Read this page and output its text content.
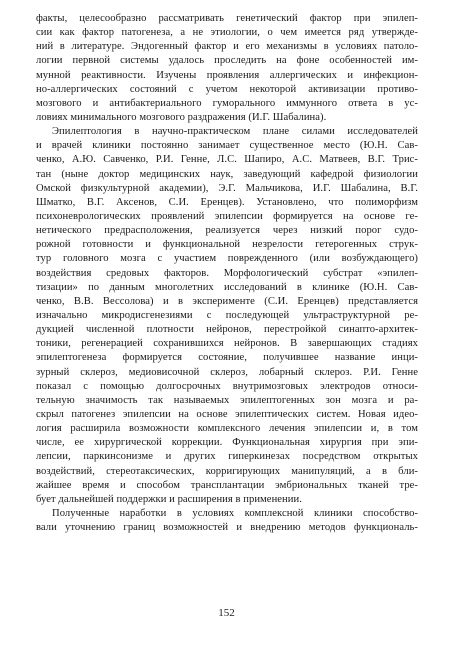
факты, целесообразно рассматривать генетический фактор при эпилеп-
сии как фактор патогенеза, а не этиологии, о чем имеется ряд утвержде-
ний в литературе. Эндогенный фактор и его механизмы в условиях патоло-
логии первной системы удалось проследить на фоне особенностей им-
мунной реактивности. Изучены проявления аллергических и инфекцион-
но-аллергических состояний с учетом некоторой активизации противо-
мозгового и антибактериального гуморального иммунного ответа в ус-
ловиях минимального мозгового раздражения (И.Г. Шабалина).
Эпилептология в научно-практическом плане силами исследователей
и врачей клиники постоянно занимает существенное место (Ю.Н. Сав-
ченко, А.Ю. Савченко, Р.И. Генне, Л.С. Шапиро, А.С. Матвеев, В.Г. Трис-
тан (ныне доктор медицинских наук, заведующий кафедрой физиологии
Омской физкультурной академии), Э.Г. Мальчикова, И.Г. Шабалина, В.Г.
Шматко, В.Г. Аксенов, С.И. Еренцев). Установлено, что полиморфизм
психоневрологических проявлений эпилепсии формируется на основе ге-
нетического предрасположения, реализуется через низкий порог судо-
рожной готовности и функциональной незрелости гетерогенных струк-
тур головного мозга с участием поврежденного (или возбуждающего)
воздействия средовых факторов. Морфологический субстрат «эпилеп-
тизации» по данным многолетних исследований в клинике (Ю.Н. Сав-
ченко, В.В. Вессолова) и в эксперименте (С.И. Еренцев) представляется
изначально микродисгенезиями с последующей ультраструктурной ре-
дукцией численной плотности нейронов, перестройкой синапто-архитек-
тоники, регенерацией сохранившихся нейронов. В завершающих стадиях
эпилептогенеза формируется состояние, получившее название инци-
зурный склероз, медиовисочной склероз, лобарный склероз. Р.И. Генне
показал с помощью долгосрочных внутримозговых электродов относи-
тельную значимость так называемых эпилептогенных зон мозга и ра-
скрыл патогенез эпилепсии на основе эпилептических систем. Новая идео-
логия расширила возможности комплексного лечения эпилепсии и, в том
числе, ее хирургической коррекции. Функциональная хирургия при эпи-
лепсии, паркинсонизме и других гиперкинезах посредством открытых
воздействий, стереотаксических, корригирующих манипуляций, а в бли-
жайшее время и способом трансплантации эмбриональных тканей тре-
бует дальнейшей поддержки и расширения в применении.
Полученные наработки в условиях комплексной клиники способство-
вали уточнению границ возможностей и внедрению методов функциональ-
152
